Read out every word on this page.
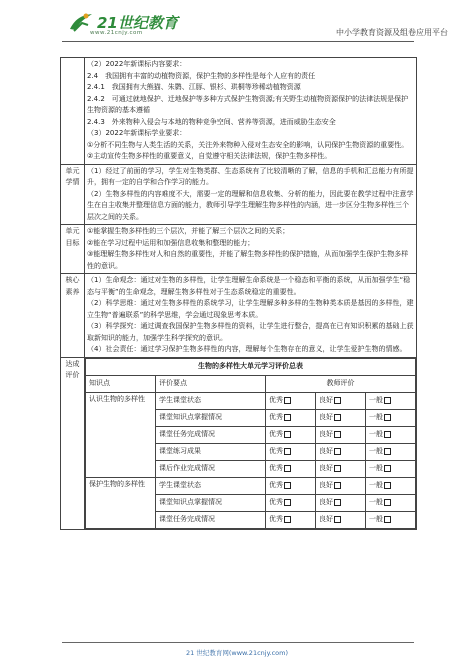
21世纪教育
www.21cnjy.com	中小学教育资源及组卷应用平台

（2）2022年新课标内容要求：

2.4　我国拥有丰富的动植物资源，保护生物的多样性是每个人应有的责任

2.4.1　我国拥有大熊猫、朱鹮、江豚、银杉、珙桐等珍稀动植物资源

2.4.2　可通过就地保护、迁地保护等多种方式保护生物资源;有关野生动植物资源保护的法律法规是保护生物资源的基本遵循

2.4.3　外来物种入侵会与本地的物种竞争空间、营养等资源，进而威胁生态安全

（3）2022年新课标学业要求：

①分析不同生物与人类生活的关系，关注外来物种入侵对生态安全的影响，认同保护生物资源的重要性。

②主动宣传生物多样性的重要意义，自觉遵守相关法律法规，保护生物多样性。

单元学情	

（1）经过了前面的学习，学生对生物类群、生态系统有了比较清晰的了解，信息的手机和汇总能力有所提升，拥有一定的自学和合作学习的能力。

（2）生物多样性的内容难度不大，需要一定的理解和信息收集、分析的能力，因此要在教学过程中注意学生在自主收集并整理信息方面的能力，教师引导学生理解生物多样性的内涵，进一步区分生物多样性三个层次之间的关系。

单元目标	

①能掌握生物多样性的三个层次，并能了解三个层次之间的关系；

②能在学习过程中运用和加强信息收集和整理的能力；

③能理解生物多样性对人和自然的重要性，并能了解生物多样性的保护措施，从而加强学生保护生物多样性的意识。

核心素养	

（1）生命观念：通过对生物的多样性，让学生理解生命系统是一个稳态和平衡的系统，从而加强学生“稳态与平衡”的生命观念，理解生物多样性对于生态系统稳定的重要性。

（2）科学思维：通过对生物多样性的系统学习，让学生理解多种多样的生物种类本质是基因的多样性，建立生物“普遍联系”的科学思维，学会通过现象思考本质。

（3）科学探究：通过调查我国保护生物多样性的资料，让学生进行整合，提高在已有知识积累的基础上获取新知识的能力，加强学生科学探究的意识。

（4）社会责任：通过学习保护生物多样性的内容，理解每个生物存在的意义，让学生爱护生物的情感。

达成评价	
生物的多样性大单元学习评价总表
知识点	评价要点	教师评价
认识生物的多样性	学生课堂状态	优秀	良好	一般
课堂知识点掌握情况	优秀	良好	一般
课堂任务完成情况	优秀	良好	一般
课堂练习成果	优秀	良好	一般
课后作业完成情况	优秀	良好	一般
保护生物的多样性	学生课堂状态	优秀	良好	一般
课堂知识点掌握情况	优秀	良好	一般
课堂任务完成情况	优秀	良好	一般
21 世纪教育网(www.21cnjy.com)
